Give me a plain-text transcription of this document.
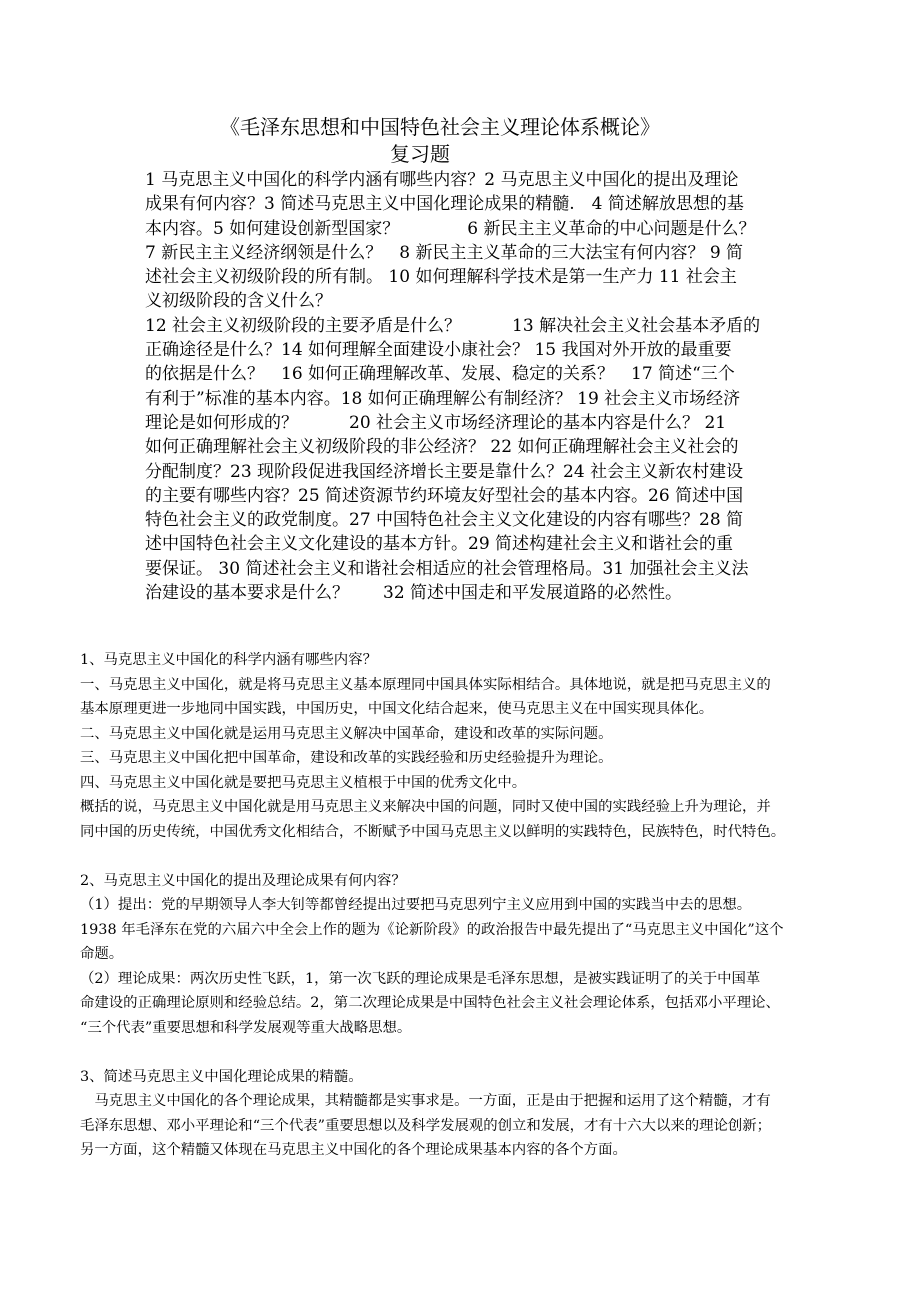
《毛泽东思想和中国特色社会主义理论体系概论》
复习题
1 马克思主义中国化的科学内涵有哪些内容？2 马克思主义中国化的提出及理论
成果有何内容？3 简述马克思主义中国化理论成果的精髓.　4 简述解放思想的基
本内容。5 如何建设创新型国家？　　　　6 新民主主义革命的中心问题是什么？
7 新民主主义经济纲领是什么？　8 新民主主义革命的三大法宝有何内容？ 9 简
述社会主义初级阶段的所有制。 10 如何理解科学技术是第一生产力 11 社会主
义初级阶段的含义什么？
12 社会主义初级阶段的主要矛盾是什么？　　　13 解决社会主义社会基本矛盾的
正确途径是什么？14 如何理解全面建设小康社会？ 15 我国对外开放的最重要
的依据是什么？　16 如何正确理解改革、发展、稳定的关系？　17 简述“三个
有利于”标准的基本内容。18 如何正确理解公有制经济？ 19 社会主义市场经济
理论是如何形成的？　　　20 社会主义市场经济理论的基本内容是什么？ 21
如何正确理解社会主义初级阶段的非公经济？ 22 如何正确理解社会主义社会的
分配制度？23 现阶段促进我国经济增长主要是靠什么？24 社会主义新农村建设
的主要有哪些内容？25 简述资源节约环境友好型社会的基本内容。26 简述中国
特色社会主义的政党制度。27 中国特色社会主义文化建设的内容有哪些？28 简
述中国特色社会主义文化建设的基本方针。29 简述构建社会主义和谐社会的重
要保证。 30 简述社会主义和谐社会相适应的社会管理格局。31 加强社会主义法
治建设的基本要求是什么？　　32 简述中国走和平发展道路的必然性。
1、马克思主义中国化的科学内涵有哪些内容？
一、马克思主义中国化，就是将马克思主义基本原理同中国具体实际相结合。具体地说，就是把马克思主义的
基本原理更进一步地同中国实践，中国历史，中国文化结合起来，使马克思主义在中国实现具体化。
二、马克思主义中国化就是运用马克思主义解决中国革命，建设和改革的实际问题。
三、马克思主义中国化把中国革命，建设和改革的实践经验和历史经验提升为理论。
四、马克思主义中国化就是要把马克思主义植根于中国的优秀文化中。
概括的说，马克思主义中国化就是用马克思主义来解决中国的问题，同时又使中国的实践经验上升为理论，并
同中国的历史传统，中国优秀文化相结合，不断赋予中国马克思主义以鲜明的实践特色，民族特色，时代特色。
2、马克思主义中国化的提出及理论成果有何内容？
（1）提出：党的早期领导人李大钊等都曾经提出过要把马克思列宁主义应用到中国的实践当中去的思想。
1938 年毛泽东在党的六届六中全会上作的题为《论新阶段》的政治报告中最先提出了“马克思主义中国化”这个
命题。
（2）理论成果：两次历史性飞跃，1，第一次飞跃的理论成果是毛泽东思想，是被实践证明了的关于中国革
命建设的正确理论原则和经验总结。2，第二次理论成果是中国特色社会主义社会理论体系，包括邓小平理论、
“三个代表”重要思想和科学发展观等重大战略思想。
3、简述马克思主义中国化理论成果的精髓。
　马克思主义中国化的各个理论成果，其精髓都是实事求是。一方面，正是由于把握和运用了这个精髓，才有
毛泽东思想、邓小平理论和“三个代表”重要思想以及科学发展观的创立和发展，才有十六大以来的理论创新；
另一方面，这个精髓又体现在马克思主义中国化的各个理论成果基本内容的各个方面。
